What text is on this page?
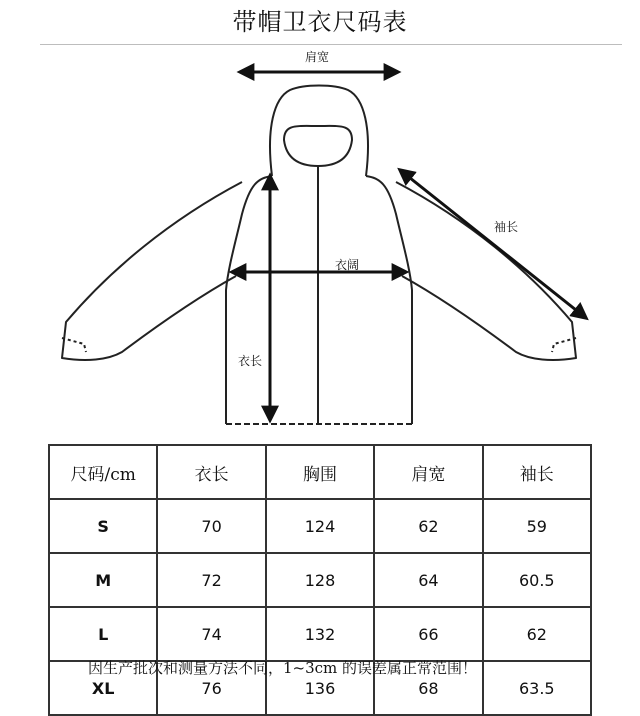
带帽卫衣尺码表
肩宽
袖长
衣阔
衣长
尺码/cm	衣长	胸围	肩宽	袖长
S	70	124	62	59
M	72	128	64	60.5
L	74	132	66	62
XL	76	136	68	63.5
因生产批次和测量方法不同，1~3cm 的误差属正常范围！
